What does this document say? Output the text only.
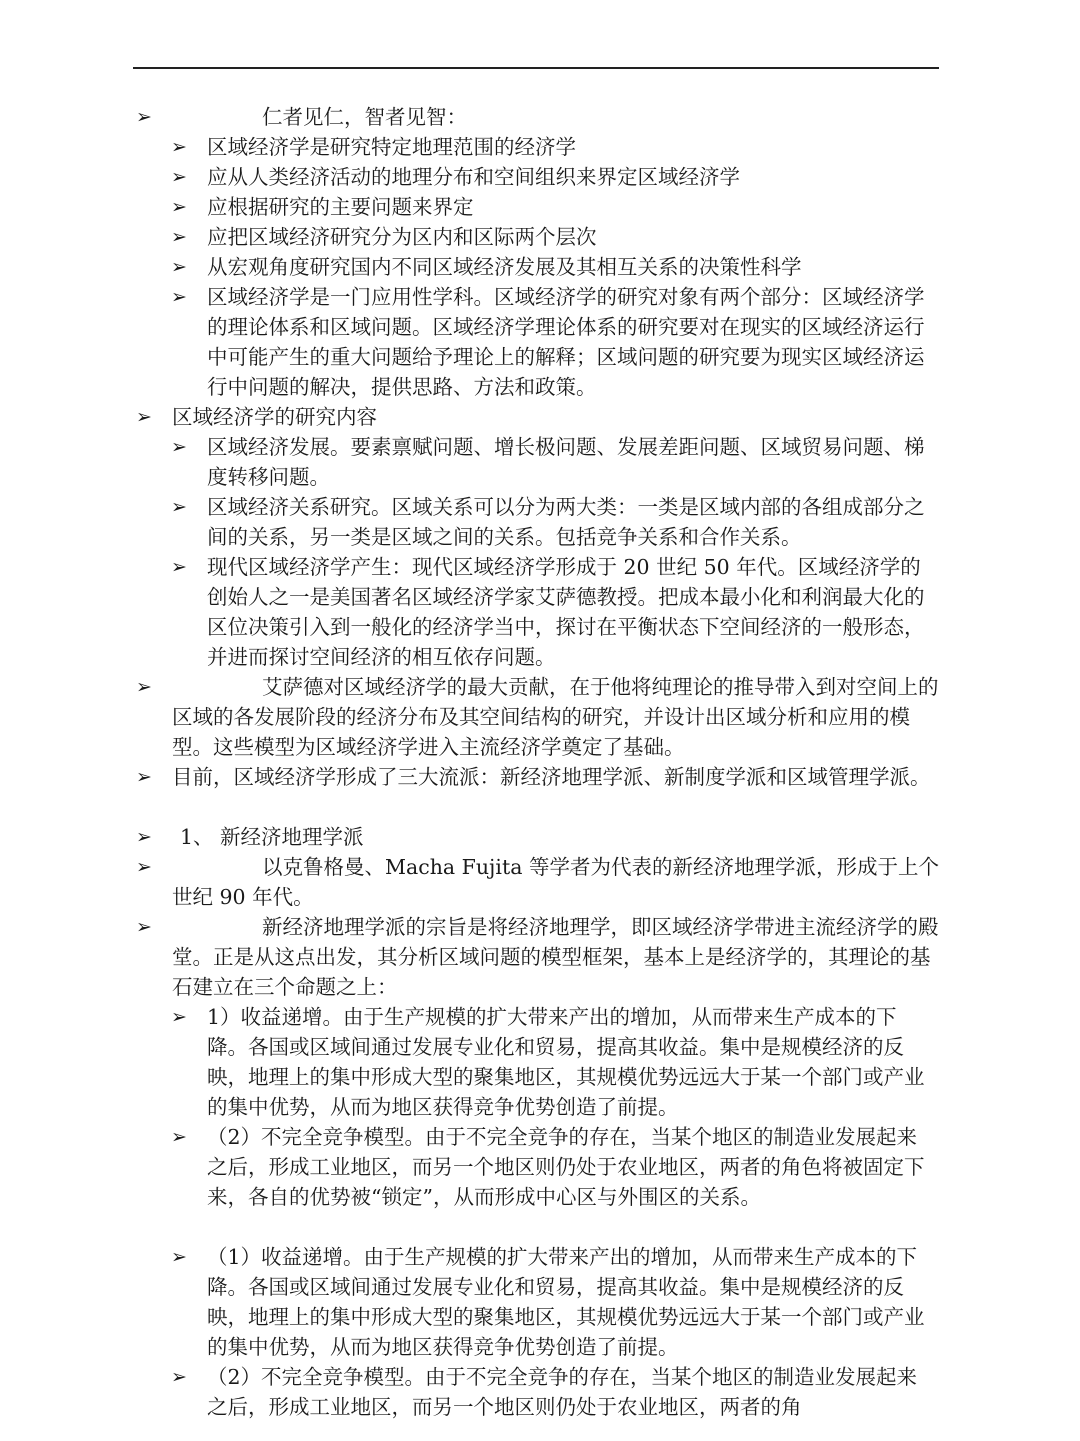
➢	仁者见仁，智者见智：
➢ 区域经济学是研究特定地理范围的经济学
➢ 应从人类经济活动的地理分布和空间组织来界定区域经济学
➢ 应根据研究的主要问题来界定
➢ 应把区域经济研究分为区内和区际两个层次
➢ 从宏观角度研究国内不同区域经济发展及其相互关系的决策性科学
➢ 区域经济学是一门应用性学科。区域经济学的研究对象有两个部分：区域经济学的理论体系和区域问题。区域经济学理论体系的研究要对在现实的区域经济运行中可能产生的重大问题给予理论上的解释；区域问题的研究要为现实区域经济运行中问题的解决，提供思路、方法和政策。
➢ 区域经济学的研究内容
➢ 区域经济发展。要素禀赋问题、增长极问题、发展差距问题、区域贸易问题、梯度转移问题。
➢ 区域经济关系研究。区域关系可以分为两大类：一类是区域内部的各组成部分之间的关系，另一类是区域之间的关系。包括竞争关系和合作关系。
➢ 现代区域经济学产生：现代区域经济学形成于 20 世纪 50 年代。区域经济学的创始人之一是美国著名区域经济学家艾萨德教授。把成本最小化和利润最大化的区位决策引入到一般化的经济学当中，探讨在平衡状态下空间经济的一般形态，并进而探讨空间经济的相互依存问题。
➢	艾萨德对区域经济学的最大贡献，在于他将纯理论的推导带入到对空间上的区域的各发展阶段的经济分布及其空间结构的研究，并设计出区域分析和应用的模型。这些模型为区域经济学进入主流经济学奠定了基础。
➢ 目前，区域经济学形成了三大流派：新经济地理学派、新制度学派和区域管理学派。
➢	1、 新经济地理学派
➢	以克鲁格曼、Macha Fujita 等学者为代表的新经济地理学派，形成于上个世纪 90 年代。
➢	新经济地理学派的宗旨是将经济地理学，即区域经济学带进主流经济学的殿堂。正是从这点出发，其分析区域问题的模型框架，基本上是经济学的，其理论的基石建立在三个命题之上：
➢ 1）收益递增。由于生产规模的扩大带来产出的增加，从而带来生产成本的下降。各国或区域间通过发展专业化和贸易，提高其收益。集中是规模经济的反映，地理上的集中形成大型的聚集地区，其规模优势远远大于某一个部门或产业的集中优势，从而为地区获得竞争优势创造了前提。
➢ （2）不完全竞争模型。由于不完全竞争的存在，当某个地区的制造业发展起来之后，形成工业地区，而另一个地区则仍处于农业地区，两者的角色将被固定下来，各自的优势被“锁定”，从而形成中心区与外围区的关系。
➢ （1）收益递增。由于生产规模的扩大带来产出的增加，从而带来生产成本的下降。各国或区域间通过发展专业化和贸易，提高其收益。集中是规模经济的反映，地理上的集中形成大型的聚集地区，其规模优势远远大于某一个部门或产业的集中优势，从而为地区获得竞争优势创造了前提。
➢ （2）不完全竞争模型。由于不完全竞争的存在，当某个地区的制造业发展起来之后，形成工业地区，而另一个地区则仍处于农业地区，两者的角
